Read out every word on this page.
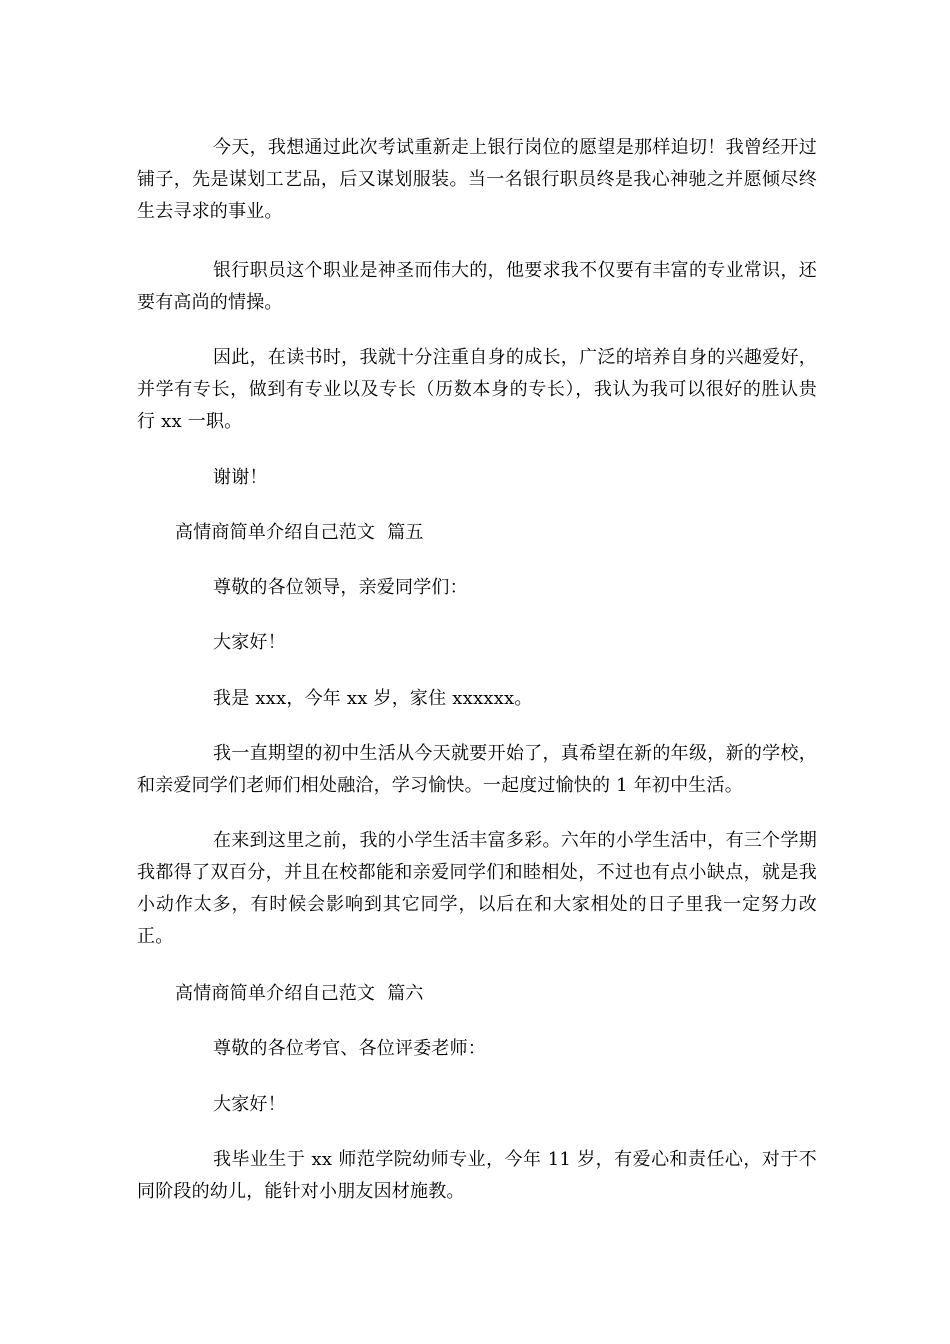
今天，我想通过此次考试重新走上银行岗位的愿望是那样迫切！我曾经开过铺子，先是谋划工艺品，后又谋划服装。当一名银行职员终是我心神驰之并愿倾尽终生去寻求的事业。

银行职员这个职业是神圣而伟大的，他要求我不仅要有丰富的专业常识，还要有高尚的情操。

因此，在读书时，我就十分注重自身的成长，广泛的培养自身的兴趣爱好，并学有专长，做到有专业以及专长（历数本身的专长），我认为我可以很好的胜认贵行 xx 一职。

谢谢！

高情商简单介绍自己范文 篇五

尊敬的各位领导，亲爱同学们：

大家好！

我是 xxx，今年 xx 岁，家住 xxxxxx。

我一直期望的初中生活从今天就要开始了，真希望在新的年级，新的学校，和亲爱同学们老师们相处融洽，学习愉快。一起度过愉快的 1 年初中生活。

在来到这里之前，我的小学生活丰富多彩。六年的小学生活中，有三个学期我都得了双百分，并且在校都能和亲爱同学们和睦相处，不过也有点小缺点，就是我小动作太多，有时候会影响到其它同学，以后在和大家相处的日子里我一定努力改正。

高情商简单介绍自己范文 篇六

尊敬的各位考官、各位评委老师：

大家好！

我毕业生于 xx 师范学院幼师专业，今年 11 岁，有爱心和责任心，对于不同阶段的幼儿，能针对小朋友因材施教。
